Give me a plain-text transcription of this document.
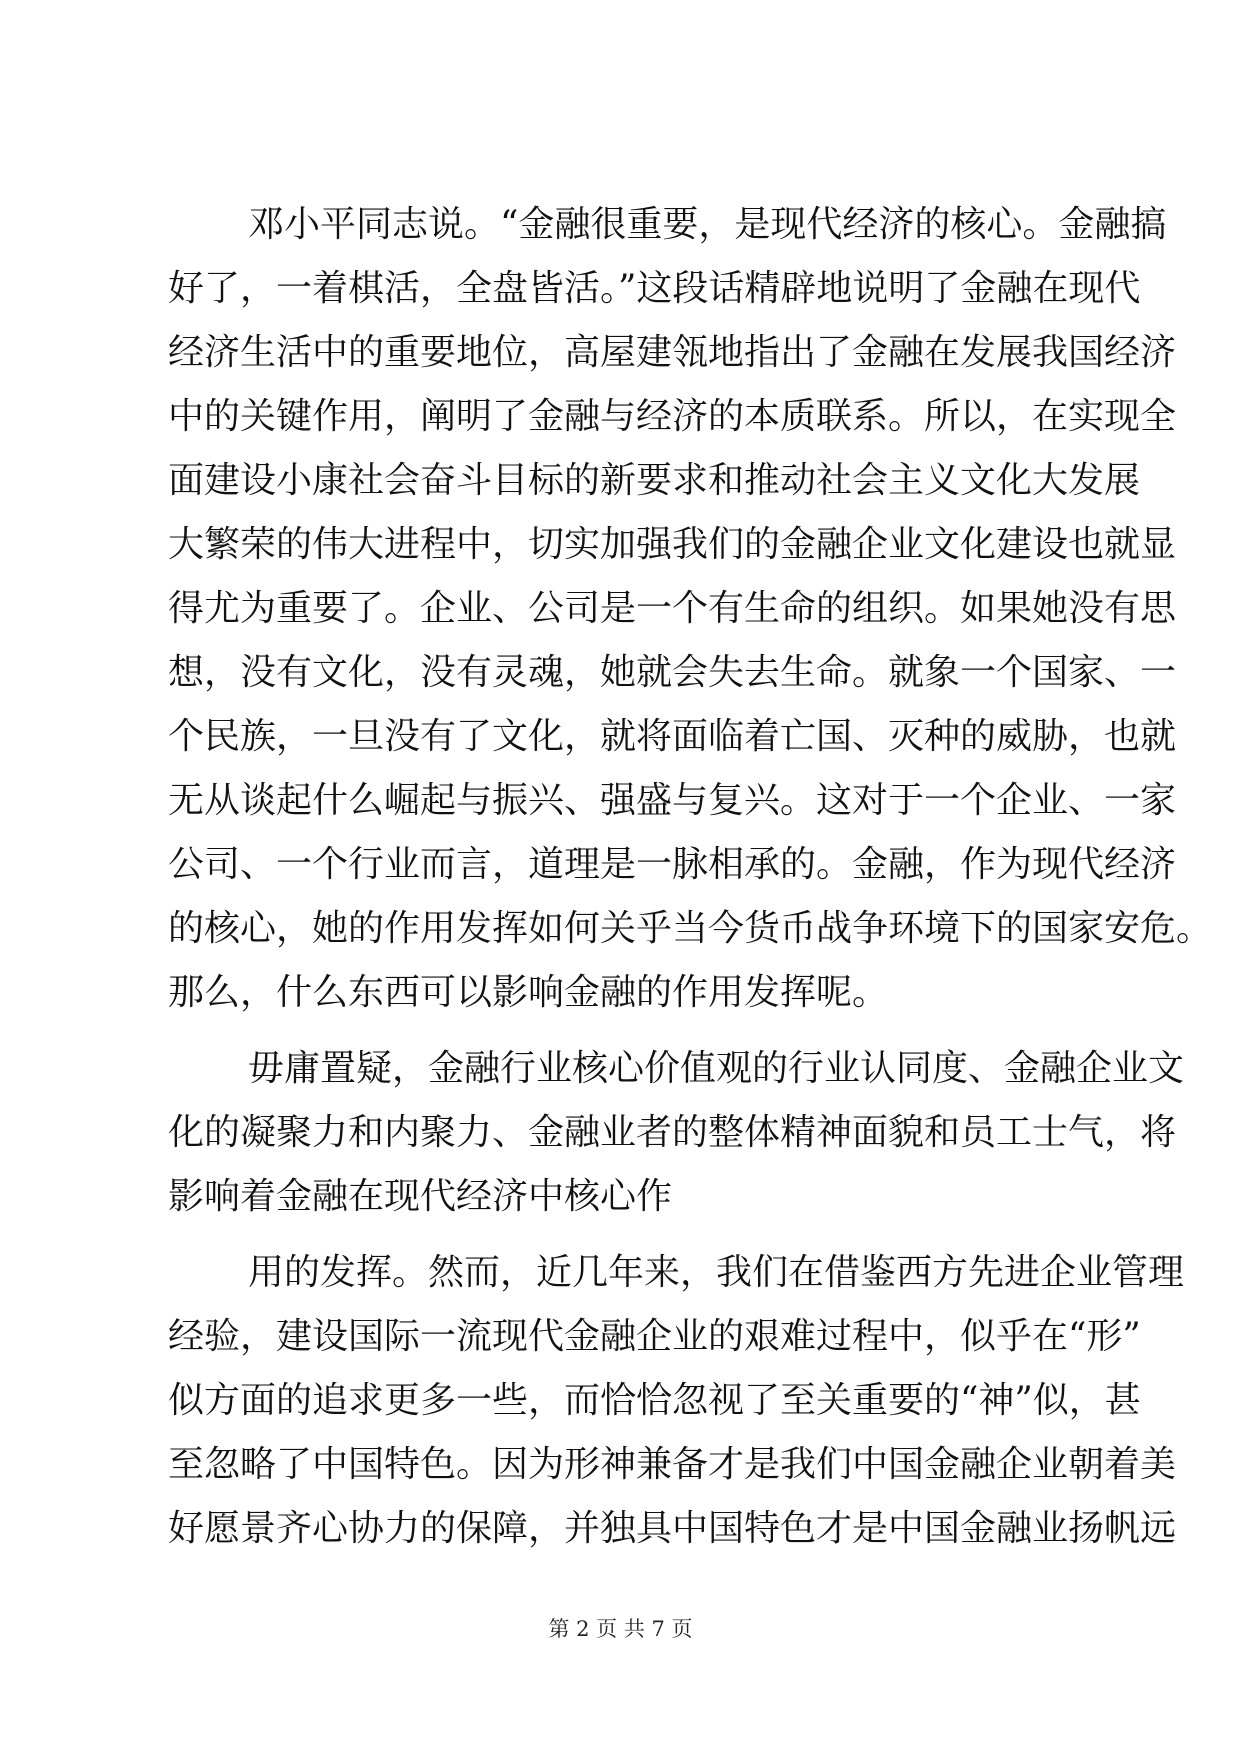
邓小平同志说。“金融很重要，是现代经济的核心。金融搞
好了，一着棋活，全盘皆活。”这段话精辟地说明了金融在现代
经济生活中的重要地位，高屋建瓴地指出了金融在发展我国经济
中的关键作用，阐明了金融与经济的本质联系。所以，在实现全
面建设小康社会奋斗目标的新要求和推动社会主义文化大发展
大繁荣的伟大进程中，切实加强我们的金融企业文化建设也就显
得尤为重要了。企业、公司是一个有生命的组织。如果她没有思
想，没有文化，没有灵魂，她就会失去生命。就象一个国家、一
个民族，一旦没有了文化，就将面临着亡国、灭种的威胁，也就
无从谈起什么崛起与振兴、强盛与复兴。这对于一个企业、一家
公司、一个行业而言，道理是一脉相承的。金融，作为现代经济
的核心，她的作用发挥如何关乎当今货币战争环境下的国家安危。
那么，什么东西可以影响金融的作用发挥呢。
毋庸置疑，金融行业核心价值观的行业认同度、金融企业文
化的凝聚力和内聚力、金融业者的整体精神面貌和员工士气，将
影响着金融在现代经济中核心作
用的发挥。然而，近几年来，我们在借鉴西方先进企业管理
经验，建设国际一流现代金融企业的艰难过程中，似乎在“形”
似方面的追求更多一些，而恰恰忽视了至关重要的“神”似，甚
至忽略了中国特色。因为形神兼备才是我们中国金融企业朝着美
好愿景齐心协力的保障，并独具中国特色才是中国金融业扬帆远
第 2 页 共 7 页
